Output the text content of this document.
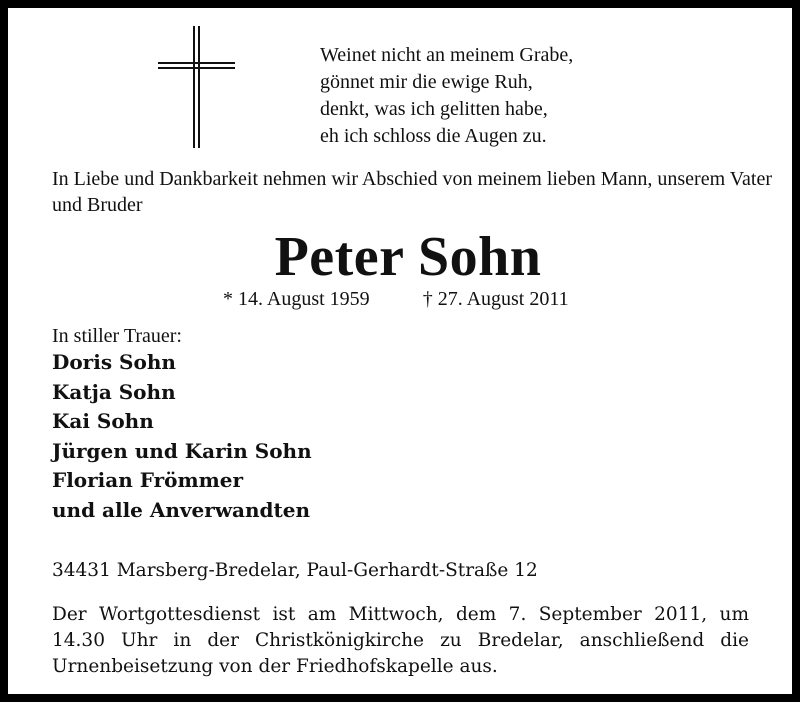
Weinet nicht an meinem Grabe,
gönnet mir die ewige Ruh,
denkt, was ich gelitten habe,
eh ich schloss die Augen zu.
In Liebe und Dankbarkeit nehmen wir Abschied von meinem lieben Mann, unserem Vater und Bruder
Peter Sohn
* 14. August 1959	† 27. August 2011
In stiller Trauer:
Doris Sohn
Katja Sohn
Kai Sohn
Jürgen und Karin Sohn
Florian Frömmer
und alle Anverwandten
34431 Marsberg-Bredelar, Paul-Gerhardt-Straße 12
Der Wortgottesdienst ist am Mittwoch, dem 7. September 2011, um 14.30 Uhr in der Christkönigkirche zu Bredelar, anschließend die Urnenbeisetzung von der Friedhofskapelle aus.
